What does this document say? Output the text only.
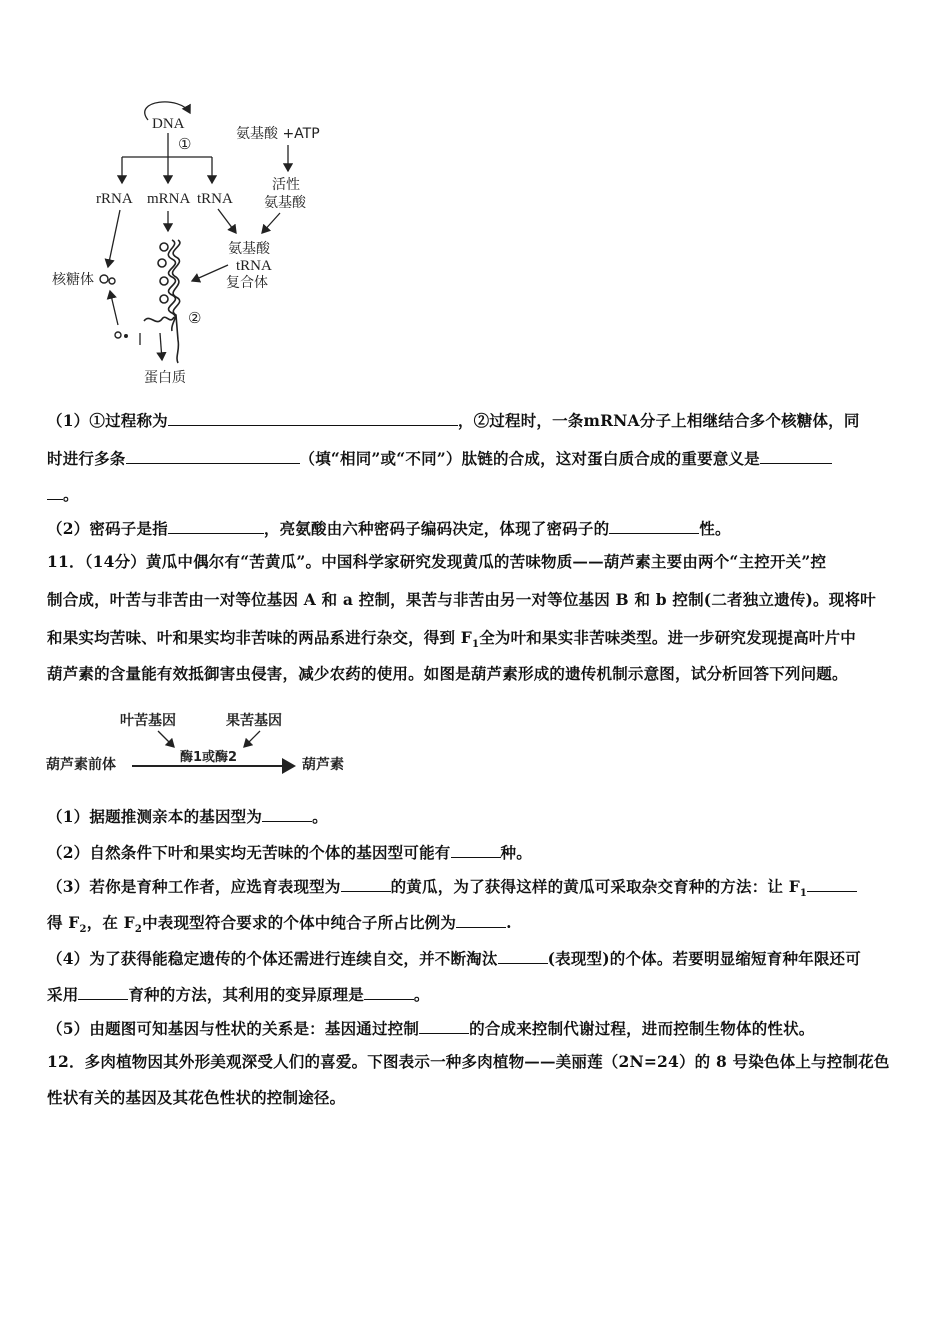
DNA
①
rRNA mRNA tRNA
氨基酸 +ATP
活性
氨基酸
氨基酸
tRNA
复合体
②
核糖体
蛋白质
（1）①过程称为	，②过程时，一条mRNA分子上相继结合多个核糖体，同
时进行多条	（填“相同”或“不同”）肽链的合成，这对蛋白质合成的重要意义是
。
（2）密码子是指	，亮氨酸由六种密码子编码决定，体现了密码子的	性。
11．（14分）黄瓜中偶尔有“苦黄瓜”。中国科学家研究发现黄瓜的苦味物质——葫芦素主要由两个“主控开关”控
制合成，叶苦与非苦由一对等位基因 A 和 a 控制，果苦与非苦由另一对等位基因 B 和 b 控制(二者独立遗传)。现将叶
和果实均苦味、叶和果实均非苦味的两品系进行杂交，得到 $F_1$全为叶和果实非苦味类型。进一步研究发现提高叶片中
葫芦素的含量能有效抵御害虫侵害，减少农药的使用。如图是葫芦素形成的遗传机制示意图，试分析回答下列问题。
叶苦基因	果苦基因
酶1或酶2
葫芦素前体	葫芦素
（1）据题推测亲本的基因型为	。
（2）自然条件下叶和果实均无苦味的个体的基因型可能有	种。
（3）若你是育种工作者，应选育表现型为	的黄瓜，为了获得这样的黄瓜可采取杂交育种的方法：让 $F_1$
得 $F_2$，在 $F_2$中表现型符合要求的个体中纯合子所占比例为	.
（4）为了获得能稳定遗传的个体还需进行连续自交，并不断淘汰	(表现型)的个体。若要明显缩短育种年限还可
采用	育种的方法，其利用的变异原理是	。
（5）由题图可知基因与性状的关系是：基因通过控制	的合成来控制代谢过程，进而控制生物体的性状。
12．多肉植物因其外形美观深受人们的喜爱。下图表示一种多肉植物——美丽莲（2N=24）的 8 号染色体上与控制花色
性状有关的基因及其花色性状的控制途径。
